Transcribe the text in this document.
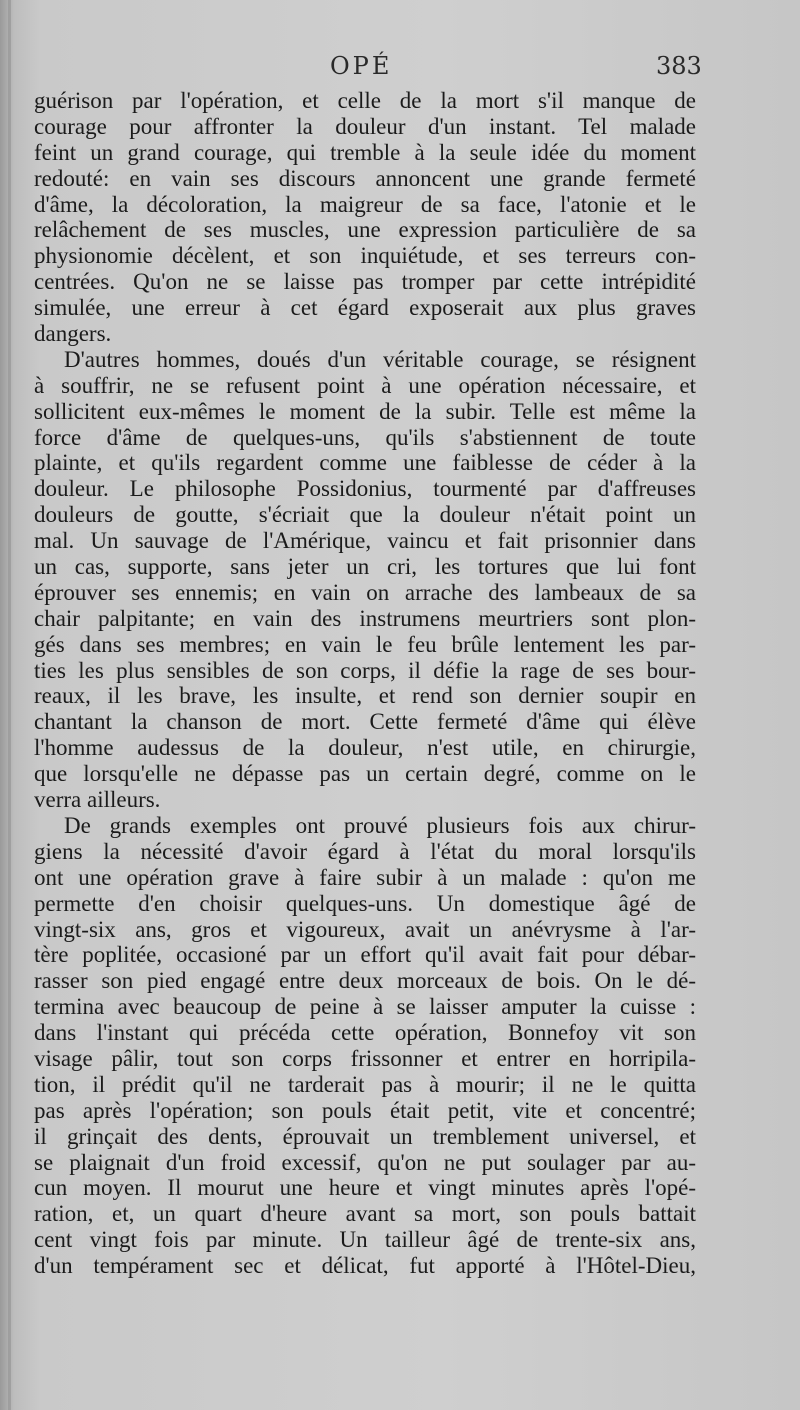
OPÉ	383
guérison par l'opération, et celle de la mort s'il manque de
courage pour affronter la douleur d'un instant. Tel malade
feint un grand courage, qui tremble à la seule idée du moment
redouté: en vain ses discours annoncent une grande fermeté
d'âme, la décoloration, la maigreur de sa face, l'atonie et le
relâchement de ses muscles, une expression particulière de sa
physionomie décèlent, et son inquiétude, et ses terreurs con-
centrées. Qu'on ne se laisse pas tromper par cette intrépidité
simulée, une erreur à cet égard exposerait aux plus graves
dangers.
D'autres hommes, doués d'un véritable courage, se résignent
à souffrir, ne se refusent point à une opération nécessaire, et
sollicitent eux-mêmes le moment de la subir. Telle est même la
force d'âme de quelques-uns, qu'ils s'abstiennent de toute
plainte, et qu'ils regardent comme une faiblesse de céder à la
douleur. Le philosophe Possidonius, tourmenté par d'affreuses
douleurs de goutte, s'écriait que la douleur n'était point un
mal. Un sauvage de l'Amérique, vaincu et fait prisonnier dans
un cas, supporte, sans jeter un cri, les tortures que lui font
éprouver ses ennemis; en vain on arrache des lambeaux de sa
chair palpitante; en vain des instrumens meurtriers sont plon-
gés dans ses membres; en vain le feu brûle lentement les par-
ties les plus sensibles de son corps, il défie la rage de ses bour-
reaux, il les brave, les insulte, et rend son dernier soupir en
chantant la chanson de mort. Cette fermeté d'âme qui élève
l'homme audessus de la douleur, n'est utile, en chirurgie,
que lorsqu'elle ne dépasse pas un certain degré, comme on le
verra ailleurs.
De grands exemples ont prouvé plusieurs fois aux chirur-
giens la nécessité d'avoir égard à l'état du moral lorsqu'ils
ont une opération grave à faire subir à un malade : qu'on me
permette d'en choisir quelques-uns. Un domestique âgé de
vingt-six ans, gros et vigoureux, avait un anévrysme à l'ar-
tère poplitée, occasioné par un effort qu'il avait fait pour débar-
rasser son pied engagé entre deux morceaux de bois. On le dé-
termina avec beaucoup de peine à se laisser amputer la cuisse :
dans l'instant qui précéda cette opération, Bonnefoy vit son
visage pâlir, tout son corps frissonner et entrer en horripila-
tion, il prédit qu'il ne tarderait pas à mourir; il ne le quitta
pas après l'opération; son pouls était petit, vite et concentré;
il grinçait des dents, éprouvait un tremblement universel, et
se plaignait d'un froid excessif, qu'on ne put soulager par au-
cun moyen. Il mourut une heure et vingt minutes après l'opé-
ration, et, un quart d'heure avant sa mort, son pouls battait
cent vingt fois par minute. Un tailleur âgé de trente-six ans,
d'un tempérament sec et délicat, fut apporté à l'Hôtel-Dieu,
